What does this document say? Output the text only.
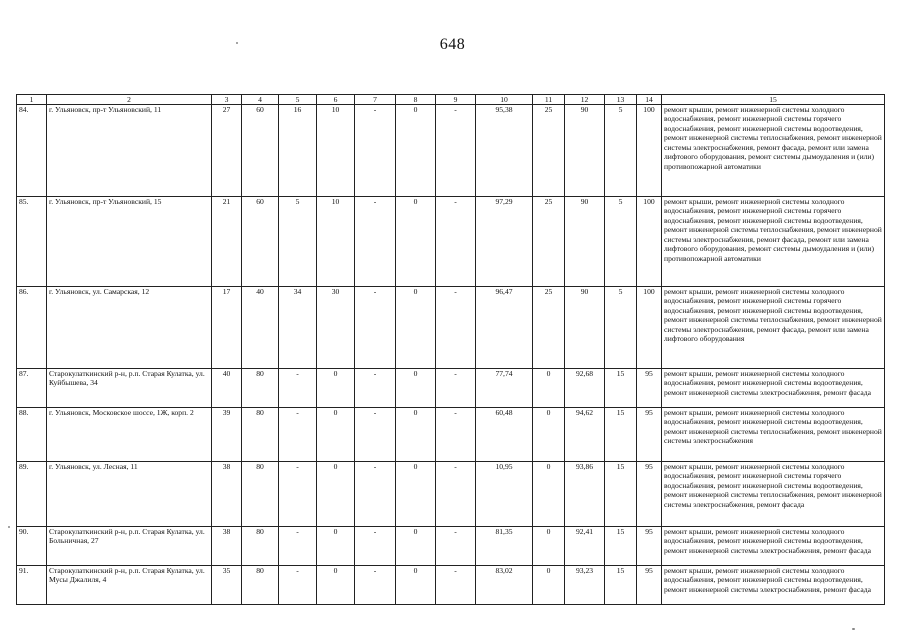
648
1	2	3	4	5	6	7	8	9	10	11	12	13	14	15
84.	г. Ульяновск, пр-т Ульяновский, 11	27	60	16	10	-	0	-	95,38	25	90	5	100	ремонт крыши, ремонт инженерной системы холодного водоснабжения, ремонт инженерной системы горячего водоснабжения, ремонт инженерной системы водоотведения, ремонт инженерной системы теплоснабжения, ремонт инженерной системы электроснабжения, ремонт фасада, ремонт или замена лифтового оборудования, ремонт системы дымоудаления и (или) противопожарной автоматики
85.	г. Ульяновск, пр-т Ульяновский, 15	21	60	5	10	-	0	-	97,29	25	90	5	100	ремонт крыши, ремонт инженерной системы холодного водоснабжения, ремонт инженерной системы горячего водоснабжения, ремонт инженерной системы водоотведения, ремонт инженерной системы теплоснабжения, ремонт инженерной системы электроснабжения, ремонт фасада, ремонт или замена лифтового оборудования, ремонт системы дымоудаления и (или) противопожарной автоматики
86.	г. Ульяновск, ул. Самарская, 12	17	40	34	30	-	0	-	96,47	25	90	5	100	ремонт крыши, ремонт инженерной системы холодного водоснабжения, ремонт инженерной системы горячего водоснабжения, ремонт инженерной системы водоотведения, ремонт инженерной системы теплоснабжения, ремонт инженерной системы электроснабжения, ремонт фасада, ремонт или замена лифтового оборудования
87.	Старокулаткинский р-н, р.п. Старая Кулатка, ул. Куйбышева, 34	40	80	-	0	-	0	-	77,74	0	92,68	15	95	ремонт крыши, ремонт инженерной системы холодного водоснабжения, ремонт инженерной системы водоотведения, ремонт инженерной системы электроснабжения, ремонт фасада
88.	г. Ульяновск, Московское шоссе, 1Ж, корп. 2	39	80	-	0	-	0	-	60,48	0	94,62	15	95	ремонт крыши, ремонт инженерной системы холодного водоснабжения, ремонт инженерной системы водоотведения, ремонт инженерной системы теплоснабжения, ремонт инженерной системы электроснабжения
89.	г. Ульяновск, ул. Лесная, 11	38	80	-	0	-	0	-	10,95	0	93,86	15	95	ремонт крыши, ремонт инженерной системы холодного водоснабжения, ремонт инженерной системы горячего водоснабжения, ремонт инженерной системы водоотведения, ремонт инженерной системы теплоснабжения, ремонт инженерной системы электроснабжения, ремонт фасада
90.	Старокулаткинский р-н, р.п. Старая Кулатка, ул. Больничная, 27	38	80	-	0	-	0	-	81,35	0	92,41	15	95	ремонт крыши, ремонт инженерной системы холодного водоснабжения, ремонт инженерной системы водоотведения, ремонт инженерной системы электроснабжения, ремонт фасада
91.	Старокулаткинский р-н, р.п. Старая Кулатка, ул. Мусы Джалиля, 4	35	80	-	0	-	0	-	83,02	0	93,23	15	95	ремонт крыши, ремонт инженерной системы холодного водоснабжения, ремонт инженерной системы водоотведения, ремонт инженерной системы электроснабжения, ремонт фасада
